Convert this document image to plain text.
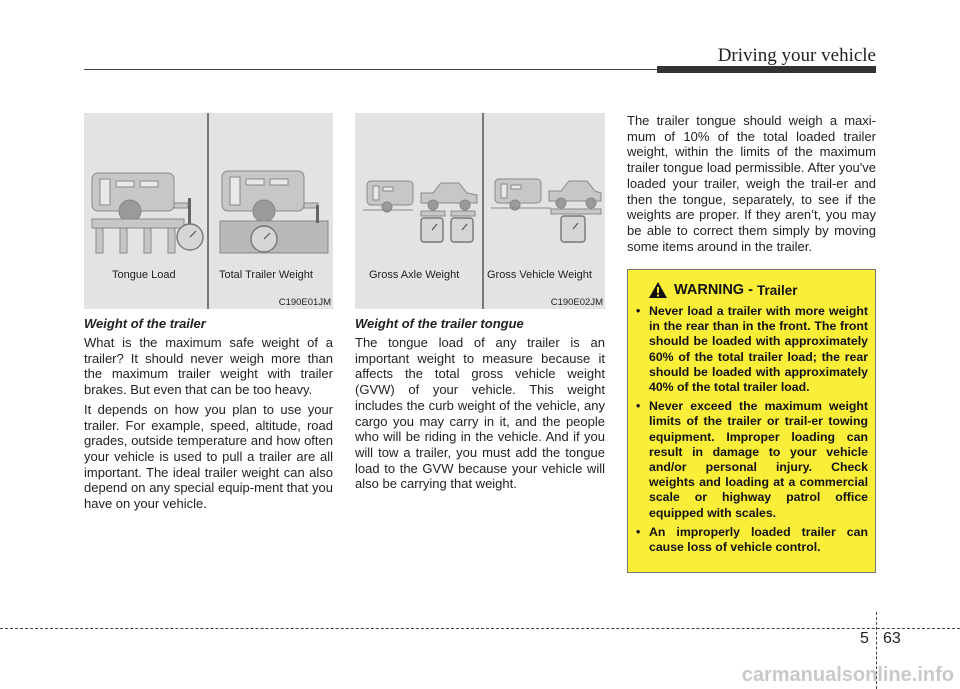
Driving your vehicle
Tongue Load	Total Trailer Weight
C190E01JM
Gross Axle Weight	Gross Vehicle Weight
C190E02JM
Weight of the trailer

What is the maximum safe weight of a trailer? It should never weigh more than the maximum trailer weight with trailer brakes. But even that can be too heavy.

It depends on how you plan to use your trailer. For example, speed, altitude, road grades, outside temperature and how often your vehicle is used to pull a trailer are all important. The ideal trailer weight can also depend on any special equip-ment that you have on your vehicle.

Weight of the trailer tongue

The tongue load of any trailer is an important weight to measure because it affects the total gross vehicle weight (GVW) of your vehicle. This weight includes the curb weight of the vehicle, any cargo you may carry in it, and the people who will be riding in the vehicle. And if you will tow a trailer, you must add the tongue load to the GVW because your vehicle will also be carrying that weight.

The trailer tongue should weigh a maxi-mum of 10% of the total loaded trailer weight, within the limits of the maximum trailer tongue load permissible. After you've loaded your trailer, weigh the trail-er and then the tongue, separately, to see if the weights are proper. If they aren’t, you may be able to correct them simply by moving some items around in the trailer.

WARNING - Trailer
• Never load a trailer with more weight in the rear than in the front. The front should be loaded with approximately 60% of the total trailer load; the rear should be loaded with approximately 40% of the total trailer load.
• Never exceed the maximum weight limits of the trailer or trail-er towing equipment. Improper loading can result in damage to your vehicle and/or personal injury. Check weights and loading at a commercial scale or highway patrol office equipped with scales.
• An improperly loaded trailer can cause loss of vehicle control.
5 63
carmanualsonline.info
